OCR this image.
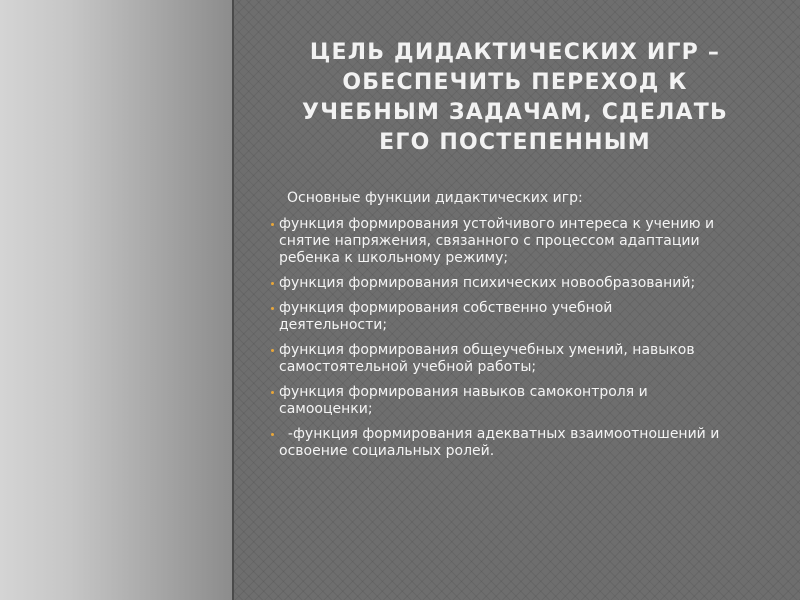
ЦЕЛЬ ДИДАКТИЧЕСКИХ ИГР – ОБЕСПЕЧИТЬ ПЕРЕХОД К УЧЕБНЫМ ЗАДАЧАМ, СДЕЛАТЬ ЕГО ПОСТЕПЕННЫМ

Основные функции дидактических игр:

функция формирования устойчивого интереса к учению и снятие напряжения, связанного с процессом адаптации ребенка к школьному режиму;
функция формирования психических новообразований;
функция формирования собственно учебной деятельности;
функция формирования общеучебных умений, навыков самостоятельной учебной работы;
функция формирования навыков самоконтроля и самооценки;
-функция формирования адекватных взаимоотношений и освоение социальных ролей.
